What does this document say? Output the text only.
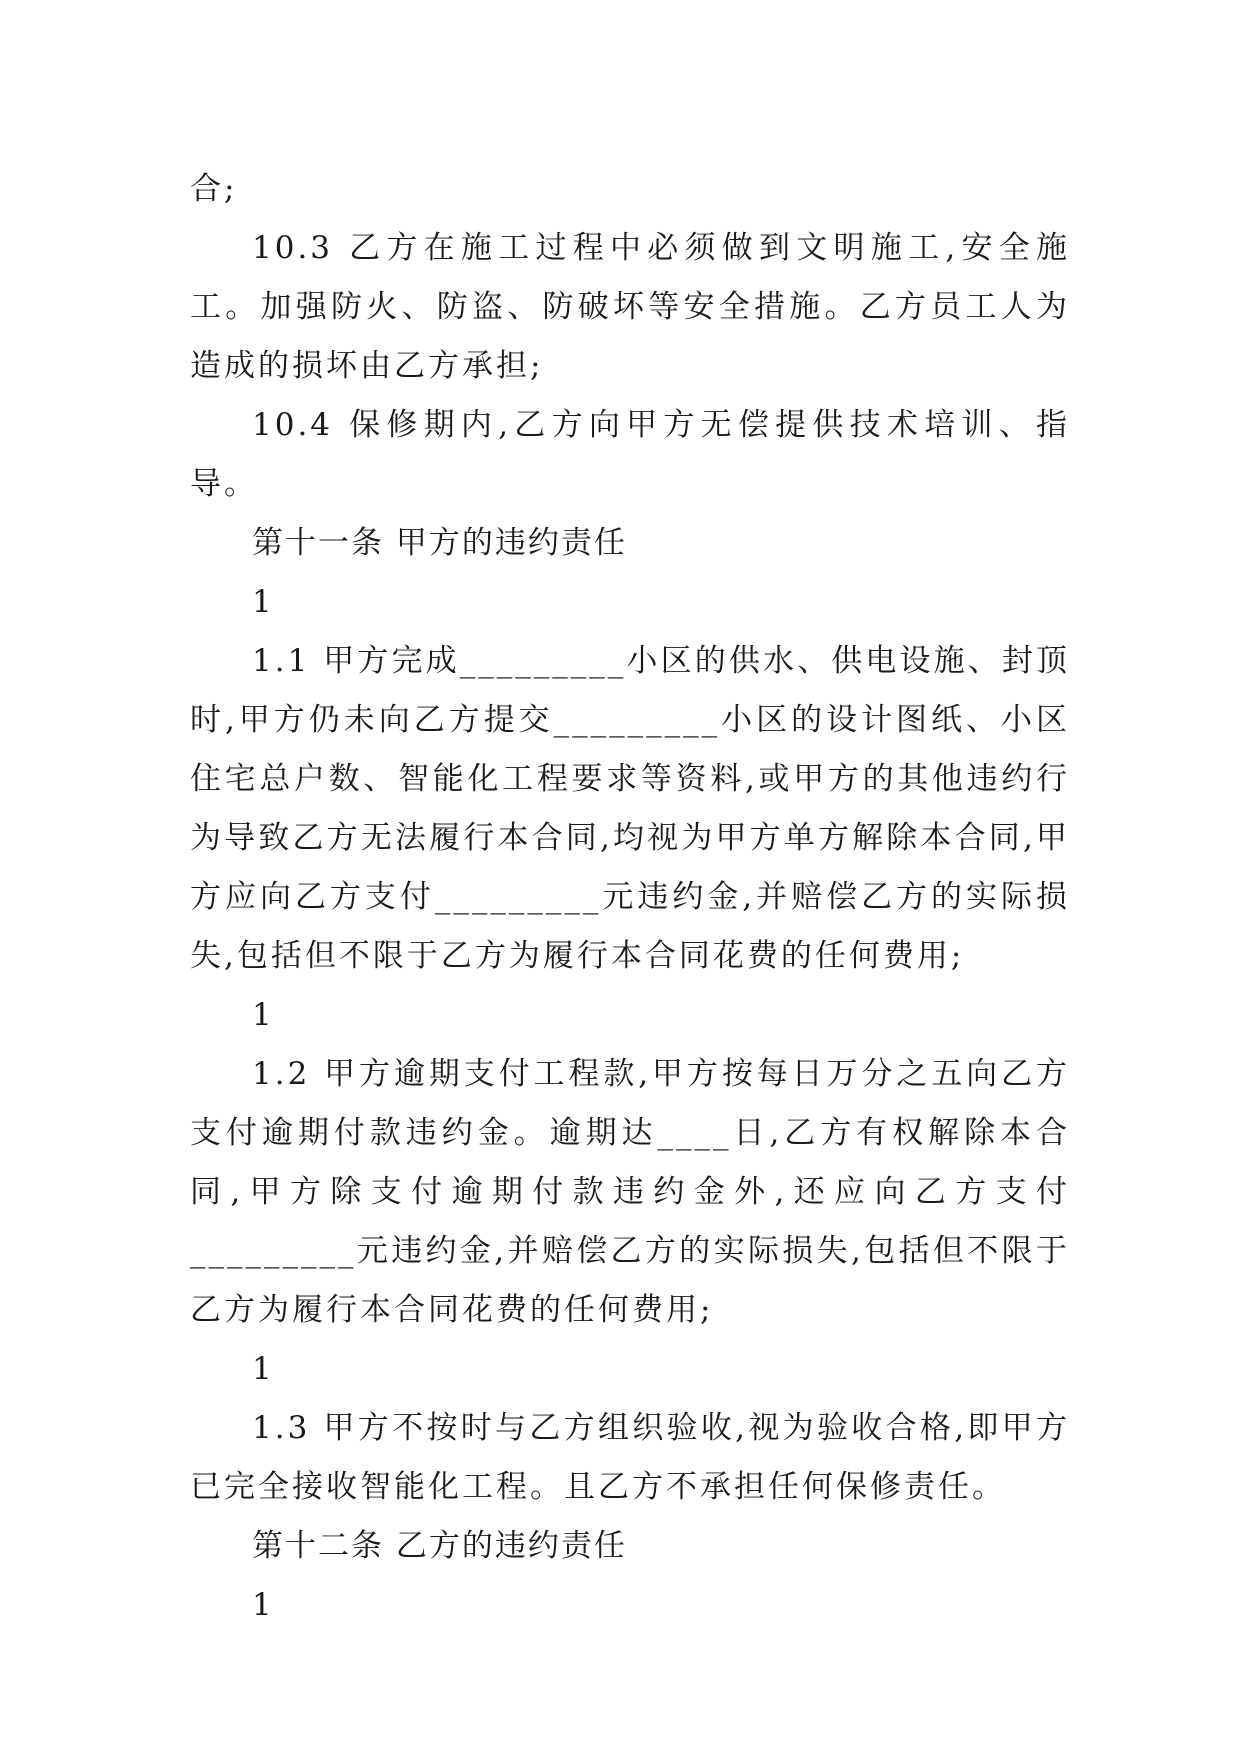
合;

10.3 乙方在施工过程中必须做到文明施工,安全施工。加强防火、防盗、防破坏等安全措施。乙方员工人为造成的损坏由乙方承担;

10.4 保修期内,乙方向甲方无偿提供技术培训、指导。

第十一条 甲方的违约责任

1

1.1 甲方完成_________小区的供水、供电设施、封顶时,甲方仍未向乙方提交_________小区的设计图纸、小区住宅总户数、智能化工程要求等资料,或甲方的其他违约行为导致乙方无法履行本合同,均视为甲方单方解除本合同,甲方应向乙方支付_________元违约金,并赔偿乙方的实际损失,包括但不限于乙方为履行本合同花费的任何费用;

1

1.2 甲方逾期支付工程款,甲方按每日万分之五向乙方支付逾期付款违约金。逾期达____日,乙方有权解除本合同,甲方除支付逾期付款违约金外,还应向乙方支付_________元违约金,并赔偿乙方的实际损失,包括但不限于乙方为履行本合同花费的任何费用;

1

1.3 甲方不按时与乙方组织验收,视为验收合格,即甲方已完全接收智能化工程。且乙方不承担任何保修责任。

第十二条 乙方的违约责任

1
